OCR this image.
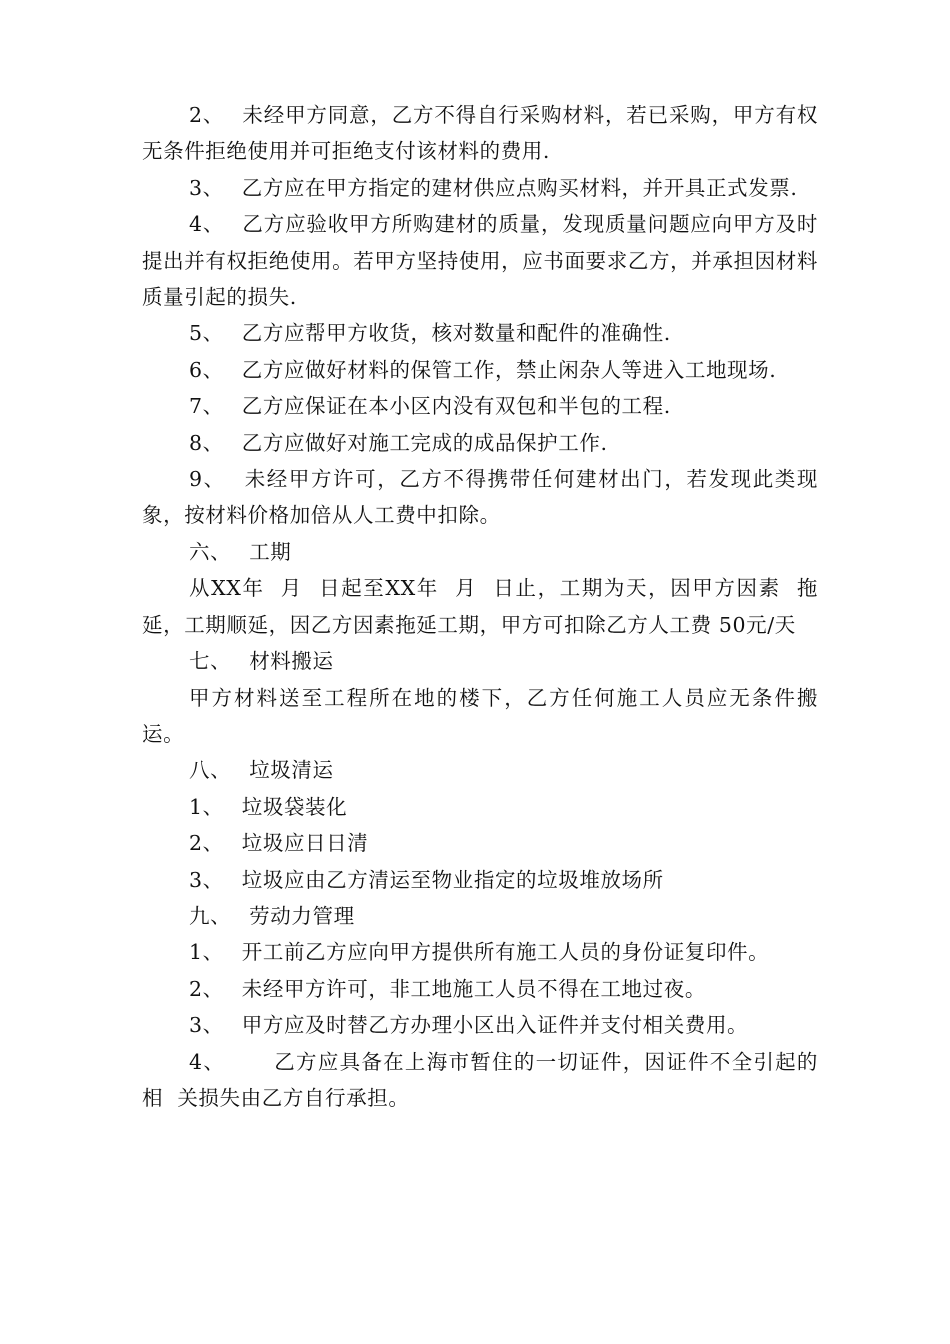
2、 未经甲方同意，乙方不得自行采购材料，若已采购，甲方有权无条件拒绝使用并可拒绝支付该材料的费用.

3、 乙方应在甲方指定的建材供应点购买材料，并开具正式发票.

4、 乙方应验收甲方所购建材的质量，发现质量问题应向甲方及时提出并有权拒绝使用。若甲方坚持使用，应书面要求乙方，并承担因材料质量引起的损失.

5、 乙方应帮甲方收货，核对数量和配件的准确性.

6、 乙方应做好材料的保管工作，禁止闲杂人等进入工地现场.

7、 乙方应保证在本小区内没有双包和半包的工程.

8、 乙方应做好对施工完成的成品保护工作.

9、 未经甲方许可，乙方不得携带任何建材出门，若发现此类现象，按材料价格加倍从人工费中扣除。

六、 工期

从XX年  月  日起至XX年  月  日止，工期为天，因甲方因素  拖延，工期顺延，因乙方因素拖延工期，甲方可扣除乙方人工费 50元/天

七、 材料搬运

甲方材料送至工程所在地的楼下，乙方任何施工人员应无条件搬运。

八、 垃圾清运

1、 垃圾袋装化

2、 垃圾应日日清

3、 垃圾应由乙方清运至物业指定的垃圾堆放场所

九、 劳动力管理

1、 开工前乙方应向甲方提供所有施工人员的身份证复印件。

2、 未经甲方许可，非工地施工人员不得在工地过夜。

3、 甲方应及时替乙方办理小区出入证件并支付相关费用。

4、    乙方应具备在上海市暂住的一切证件，因证件不全引起的相  关损失由乙方自行承担。
